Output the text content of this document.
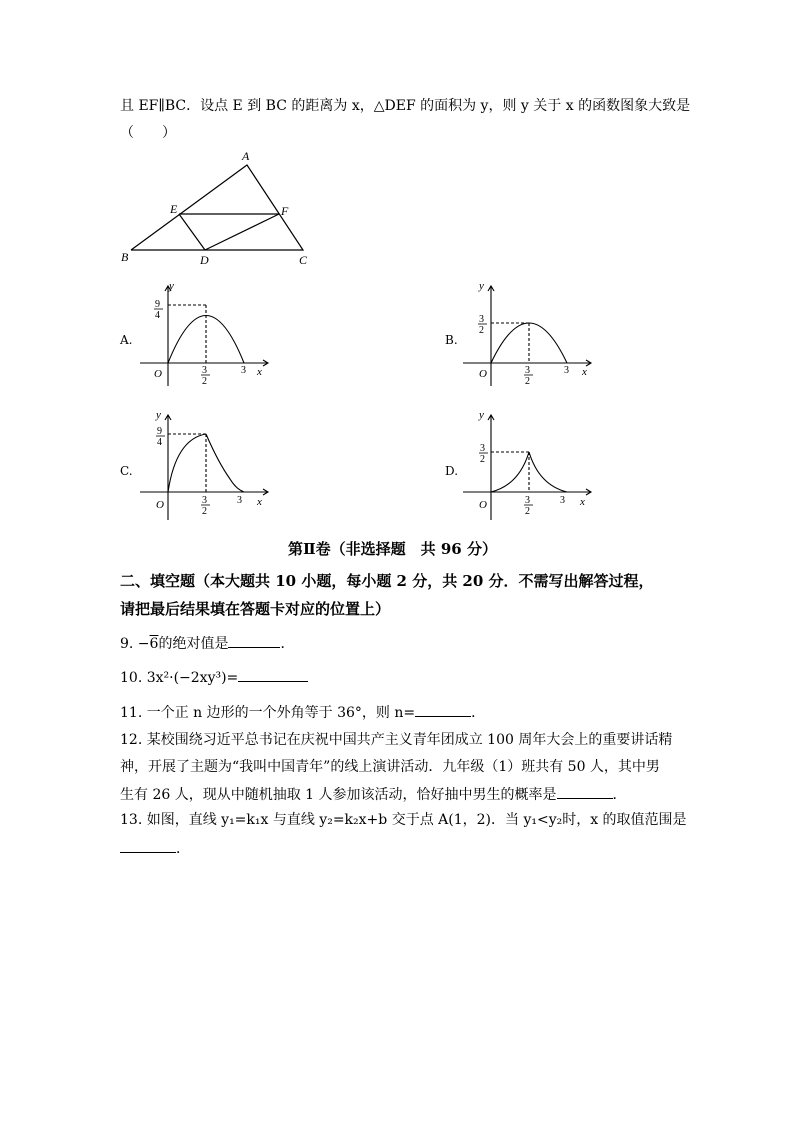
且 EF∥BC．设点 E 到 BC 的距离为 x，△DEF 的面积为 y，则 y 关于 x 的函数图象大致是
（　　）
A
B	C
D
E	F
A.
y
9
4
O	3
2
3 x
B.
y
3
2
O	3
2
3 x
C.
y
9
4
O	3
2
3 x
D.
y
3
2
O	3
2
3 x
第Ⅱ卷（非选择题　共 96 分）
二、填空题（本大题共 10 小题，每小题 2 分，共 20 分．不需写出解答过程，
请把最后结果填在答题卡对应的位置上）
9. −6的绝对值是	．
10. 3x²·(−2xy³)=
11. 一个正 n 边形的一个外角等于 36°，则 n=	．
12. 某校围绕习近平总书记在庆祝中国共产主义青年团成立 100 周年大会上的重要讲话精
神，开展了主题为“我叫中国青年”的线上演讲活动．九年级（1）班共有 50 人，其中男
生有 26 人，现从中随机抽取 1 人参加该活动，恰好抽中男生的概率是	．
13. 如图，直线 y₁=k₁x 与直线 y₂=k₂x+b 交于点 A(1，2)．当 y₁<y₂时，x 的取值范围是
．
